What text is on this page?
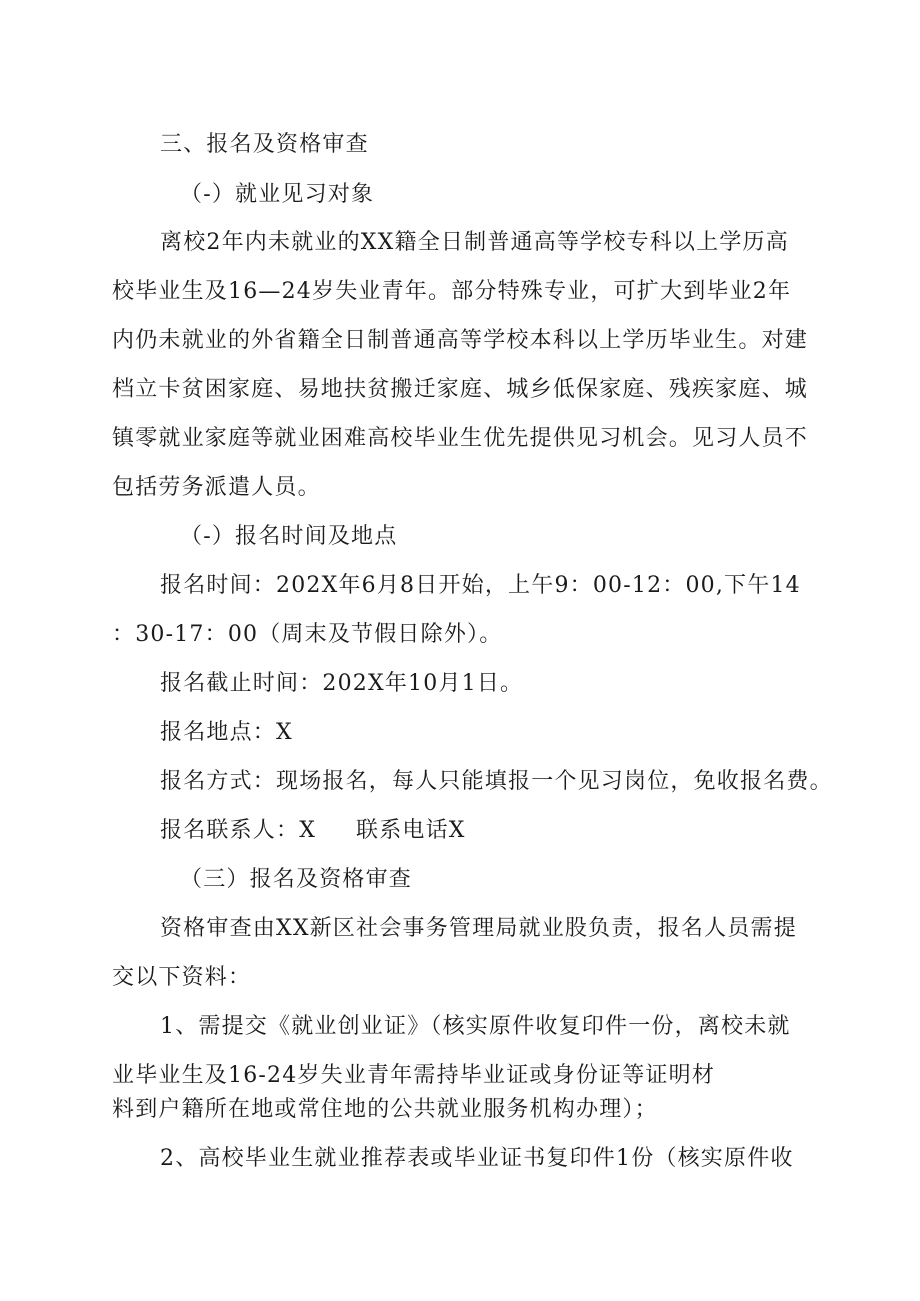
三、报名及资格审查
（-）就业见习对象
离校2年内未就业的XX籍全日制普通高等学校专科以上学历高
校毕业生及16—24岁失业青年。部分特殊专业，可扩大到毕业2年
内仍未就业的外省籍全日制普通高等学校本科以上学历毕业生。对建
档立卡贫困家庭、易地扶贫搬迁家庭、城乡低保家庭、残疾家庭、城
镇零就业家庭等就业困难高校毕业生优先提供见习机会。见习人员不
包括劳务派遣人员。
（-）报名时间及地点
报名时间：202X年6月8日开始，上午9：00-12：00,下午14
：30-17：00（周末及节假日除外）。
报名截止时间：202X年10月1日。
报名地点：X
报名方式：现场报名，每人只能填报一个见习岗位，免收报名费。
报名联系人：X 联系电话X
（三）报名及资格审查
资格审查由XX新区社会事务管理局就业股负责，报名人员需提
交以下资料：
1、需提交《就业创业证》（核实原件收复印件一份，离校未就
业毕业生及16-24岁失业青年需持毕业证或身份证等证明材
料到户籍所在地或常住地的公共就业服务机构办理）；
2、高校毕业生就业推荐表或毕业证书复印件1份（核实原件收
